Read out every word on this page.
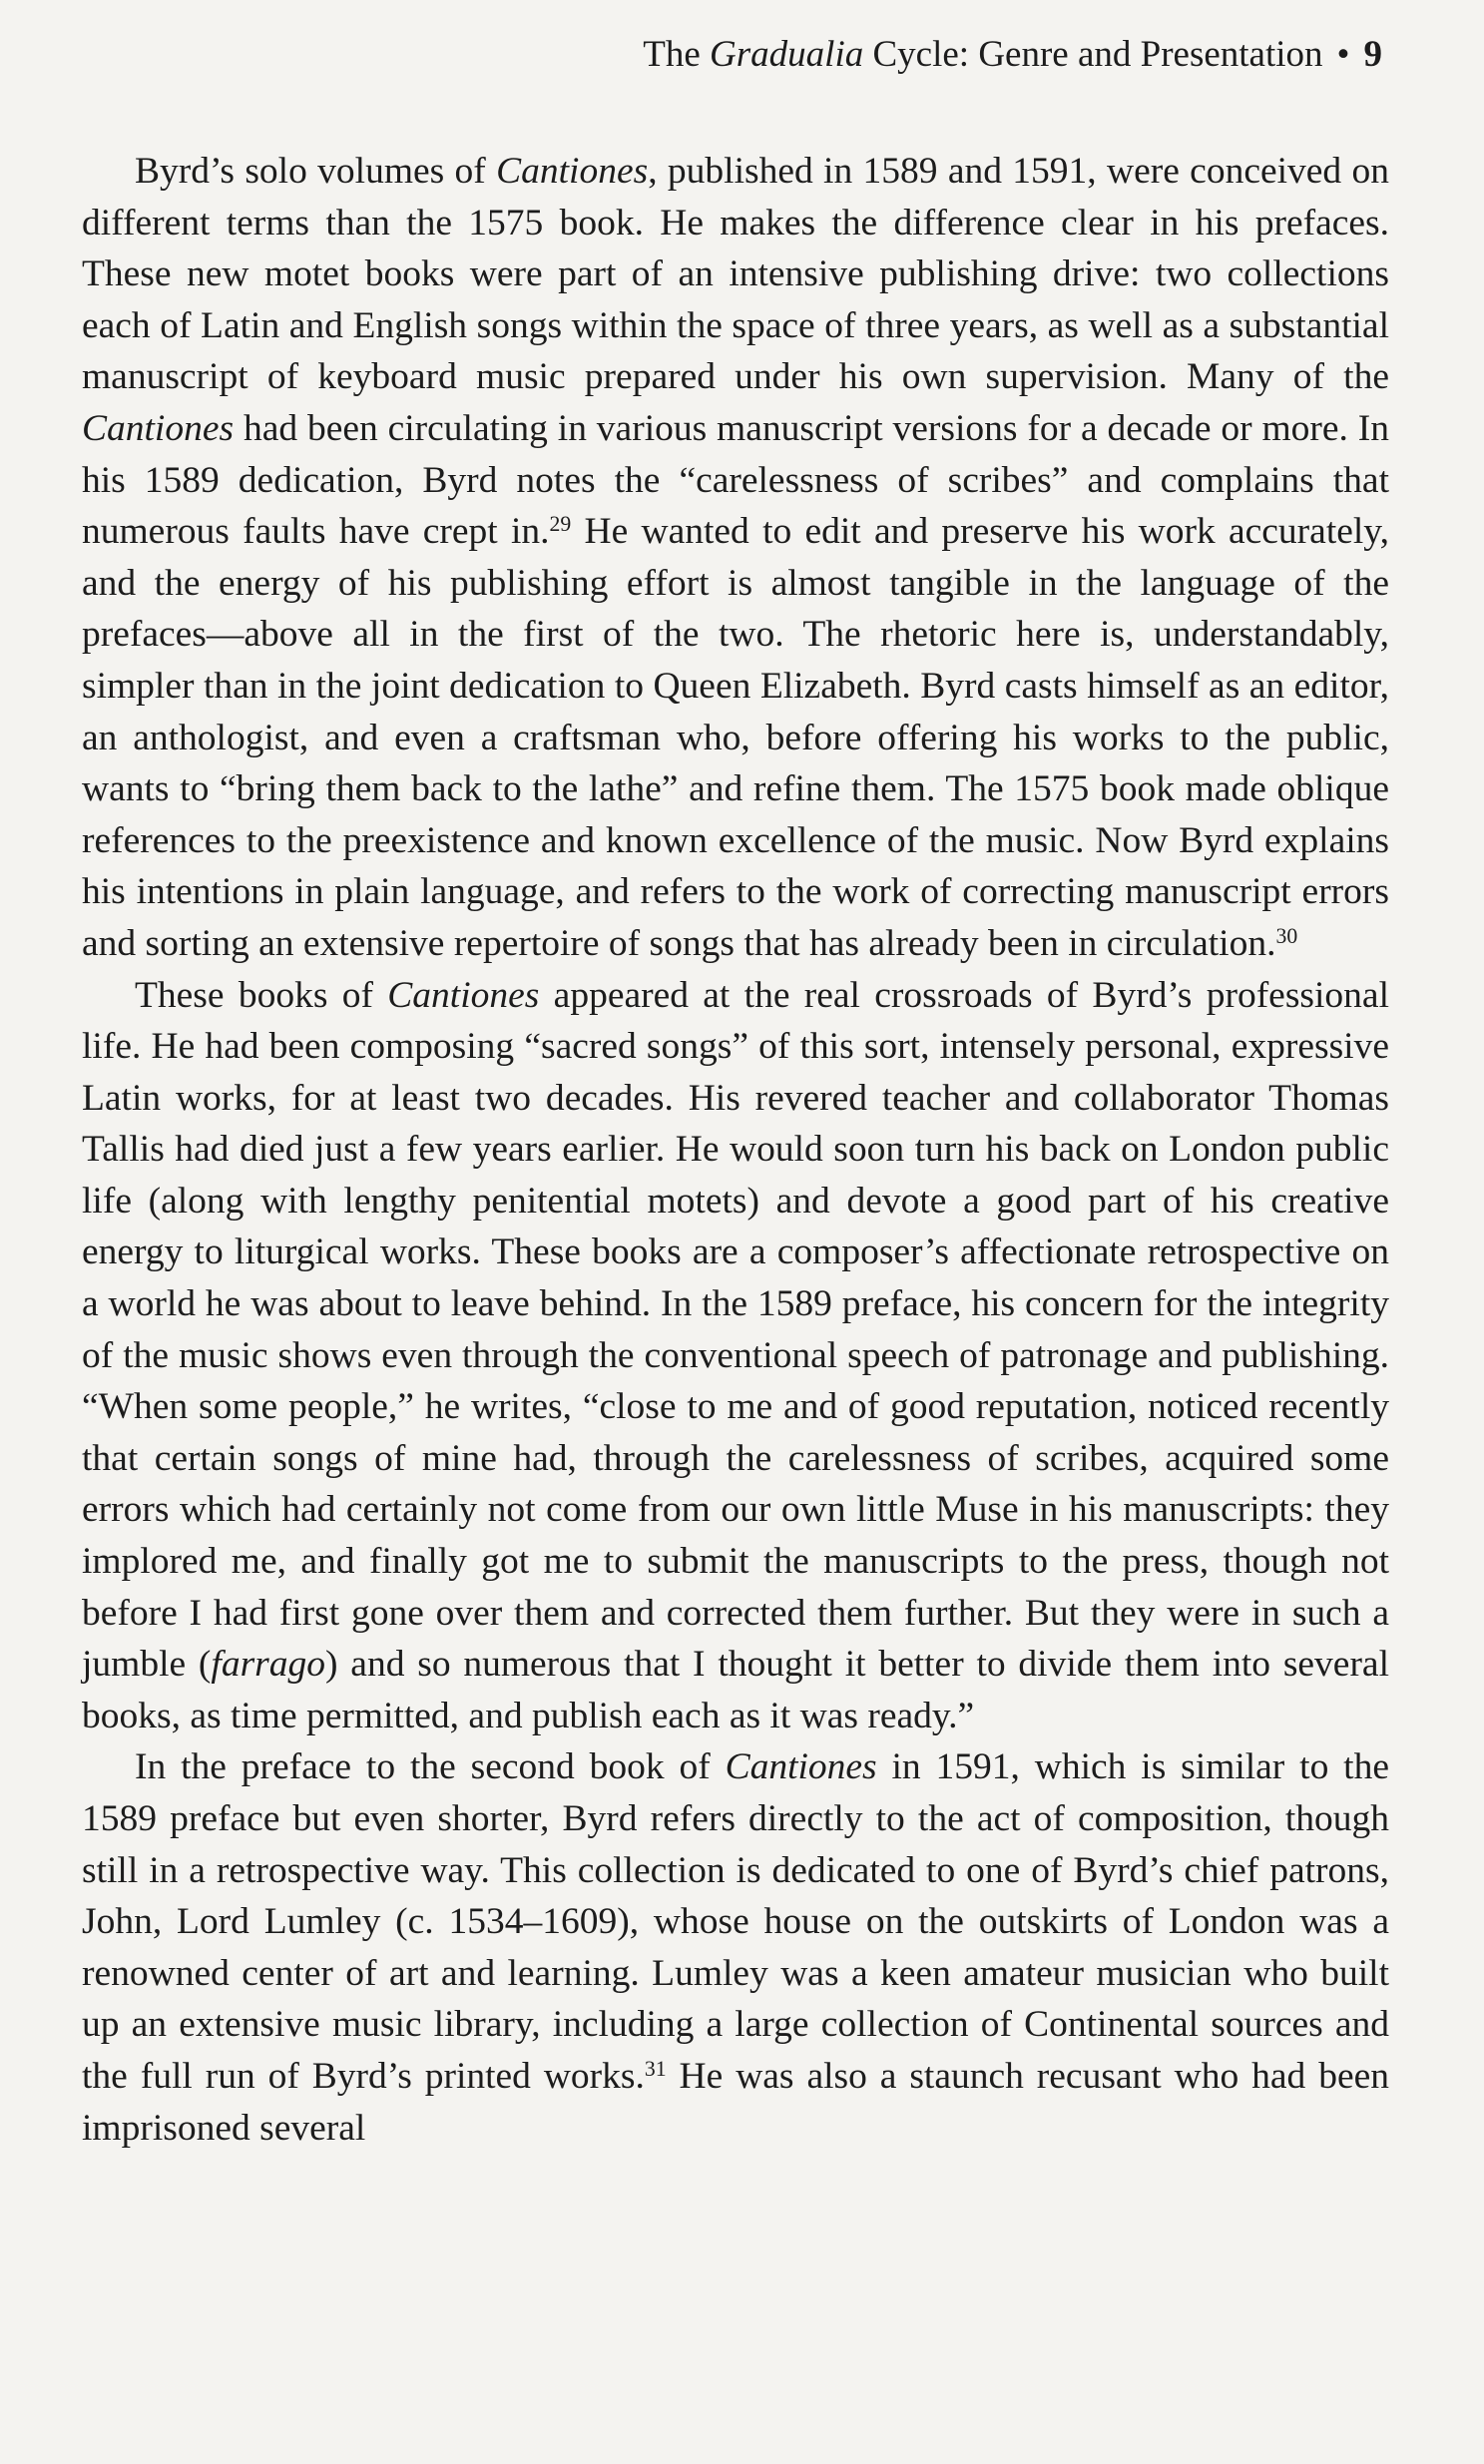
The Gradualia Cycle: Genre and Presentation • 9

Byrd’s solo volumes of Cantiones, published in 1589 and 1591, were conceived on different terms than the 1575 book. He makes the difference clear in his prefaces. These new motet books were part of an intensive publishing drive: two collections each of Latin and English songs within the space of three years, as well as a substantial manuscript of keyboard music prepared under his own supervision. Many of the Cantiones had been circulating in various manuscript versions for a decade or more. In his 1589 dedication, Byrd notes the “carelessness of scribes” and complains that numerous faults have crept in.$^{29}$ He wanted to edit and preserve his work accurately, and the energy of his publishing effort is almost tangible in the language of the prefaces—above all in the first of the two. The rhetoric here is, understandably, simpler than in the joint dedication to Queen Elizabeth. Byrd casts himself as an editor, an anthologist, and even a craftsman who, before offering his works to the public, wants to “bring them back to the lathe” and refine them. The 1575 book made oblique references to the preexistence and known excellence of the music. Now Byrd explains his intentions in plain language, and refers to the work of correcting manuscript errors and sorting an extensive repertoire of songs that has already been in circulation.$^{30}$

These books of Cantiones appeared at the real crossroads of Byrd’s professional life. He had been composing “sacred songs” of this sort, intensely personal, expressive Latin works, for at least two decades. His revered teacher and collaborator Thomas Tallis had died just a few years earlier. He would soon turn his back on London public life (along with lengthy penitential motets) and devote a good part of his creative energy to liturgical works. These books are a composer’s affectionate retrospective on a world he was about to leave behind. In the 1589 preface, his concern for the integrity of the music shows even through the conventional speech of patronage and publishing. “When some people,” he writes, “close to me and of good reputation, noticed recently that certain songs of mine had, through the carelessness of scribes, acquired some errors which had certainly not come from our own little Muse in his manuscripts: they implored me, and finally got me to submit the manuscripts to the press, though not before I had first gone over them and corrected them further. But they were in such a jumble (farrago) and so numerous that I thought it better to divide them into several books, as time permitted, and publish each as it was ready.”

In the preface to the second book of Cantiones in 1591, which is similar to the 1589 preface but even shorter, Byrd refers directly to the act of composition, though still in a retrospective way. This collection is dedicated to one of Byrd’s chief patrons, John, Lord Lumley (c. 1534–1609), whose house on the outskirts of London was a renowned center of art and learning. Lumley was a keen amateur musician who built up an extensive music library, including a large collection of Continental sources and the full run of Byrd’s printed works.$^{31}$ He was also a staunch recusant who had been imprisoned several
